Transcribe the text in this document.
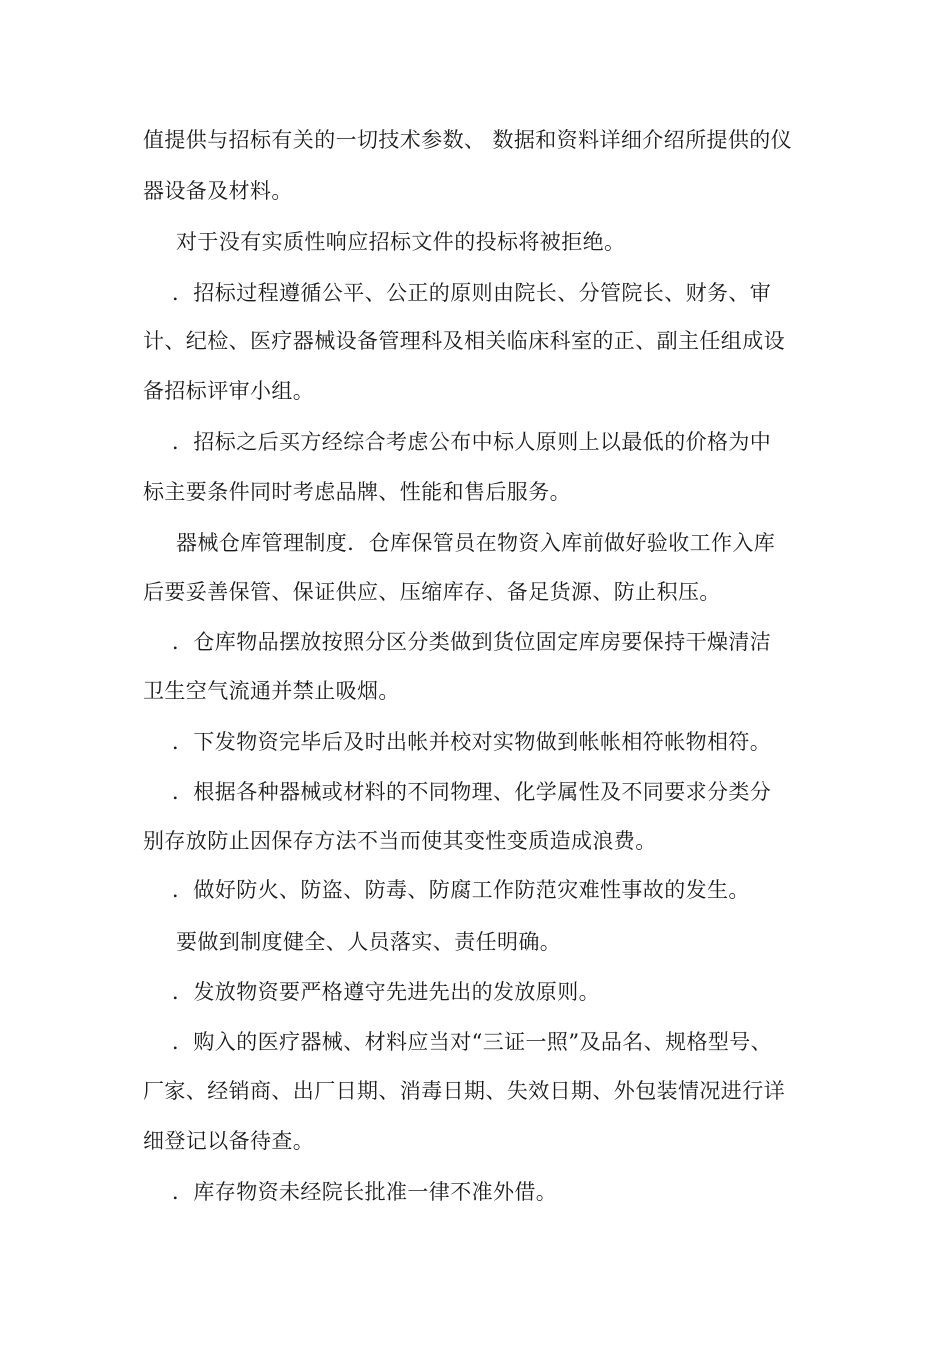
值提供与招标有关的一切技术参数、 数据和资料详细介绍所提供的仪
器设备及材料。
对于没有实质性响应招标文件的投标将被拒绝。
．招标过程遵循公平、公正的原则由院长、分管院长、财务、审
计、纪检、医疗器械设备管理科及相关临床科室的正、副主任组成设
备招标评审小组。
．招标之后买方经综合考虑公布中标人原则上以最低的价格为中
标主要条件同时考虑品牌、性能和售后服务。
器械仓库管理制度．仓库保管员在物资入库前做好验收工作入库
后要妥善保管、保证供应、压缩库存、备足货源、防止积压。
．仓库物品摆放按照分区分类做到货位固定库房要保持干燥清洁
卫生空气流通并禁止吸烟。
．下发物资完毕后及时出帐并校对实物做到帐帐相符帐物相符。
．根据各种器械或材料的不同物理、化学属性及不同要求分类分
别存放防止因保存方法不当而使其变性变质造成浪费。
．做好防火、防盗、防毒、防腐工作防范灾难性事故的发生。
要做到制度健全、人员落实、责任明确。
．发放物资要严格遵守先进先出的发放原则。
．购入的医疗器械、材料应当对“三证一照”及品名、规格型号、
厂家、经销商、出厂日期、消毒日期、失效日期、外包装情况进行详
细登记以备待查。
．库存物资未经院长批准一律不准外借。
